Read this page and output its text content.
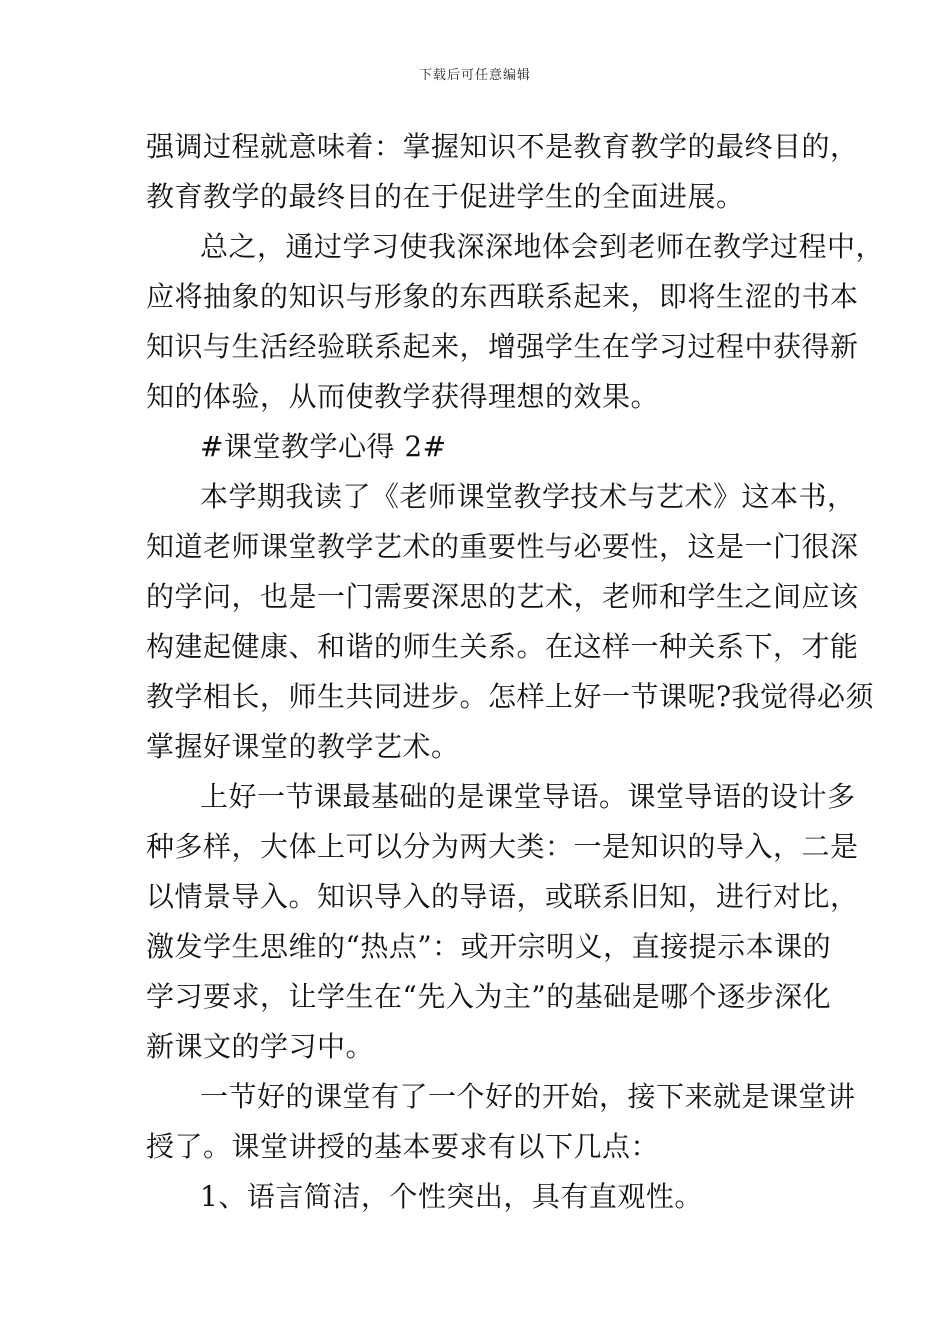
下载后可任意编辑
强调过程就意味着：掌握知识不是教育教学的最终目的，
教育教学的最终目的在于促进学生的全面进展。
总之，通过学习使我深深地体会到老师在教学过程中，
应将抽象的知识与形象的东西联系起来，即将生涩的书本
知识与生活经验联系起来，增强学生在学习过程中获得新
知的体验，从而使教学获得理想的效果。
#课堂教学心得 2#
本学期我读了《老师课堂教学技术与艺术》这本书，
知道老师课堂教学艺术的重要性与必要性，这是一门很深
的学问，也是一门需要深思的艺术，老师和学生之间应该
构建起健康、和谐的师生关系。在这样一种关系下，才能
教学相长，师生共同进步。怎样上好一节课呢?我觉得必须
掌握好课堂的教学艺术。
上好一节课最基础的是课堂导语。课堂导语的设计多
种多样，大体上可以分为两大类：一是知识的导入，二是
以情景导入。知识导入的导语，或联系旧知，进行对比，
激发学生思维的“热点”：或开宗明义，直接提示本课的
学习要求，让学生在“先入为主”的基础是哪个逐步深化
新课文的学习中。
一节好的课堂有了一个好的开始，接下来就是课堂讲
授了。课堂讲授的基本要求有以下几点：
1、语言简洁，个性突出，具有直观性。
